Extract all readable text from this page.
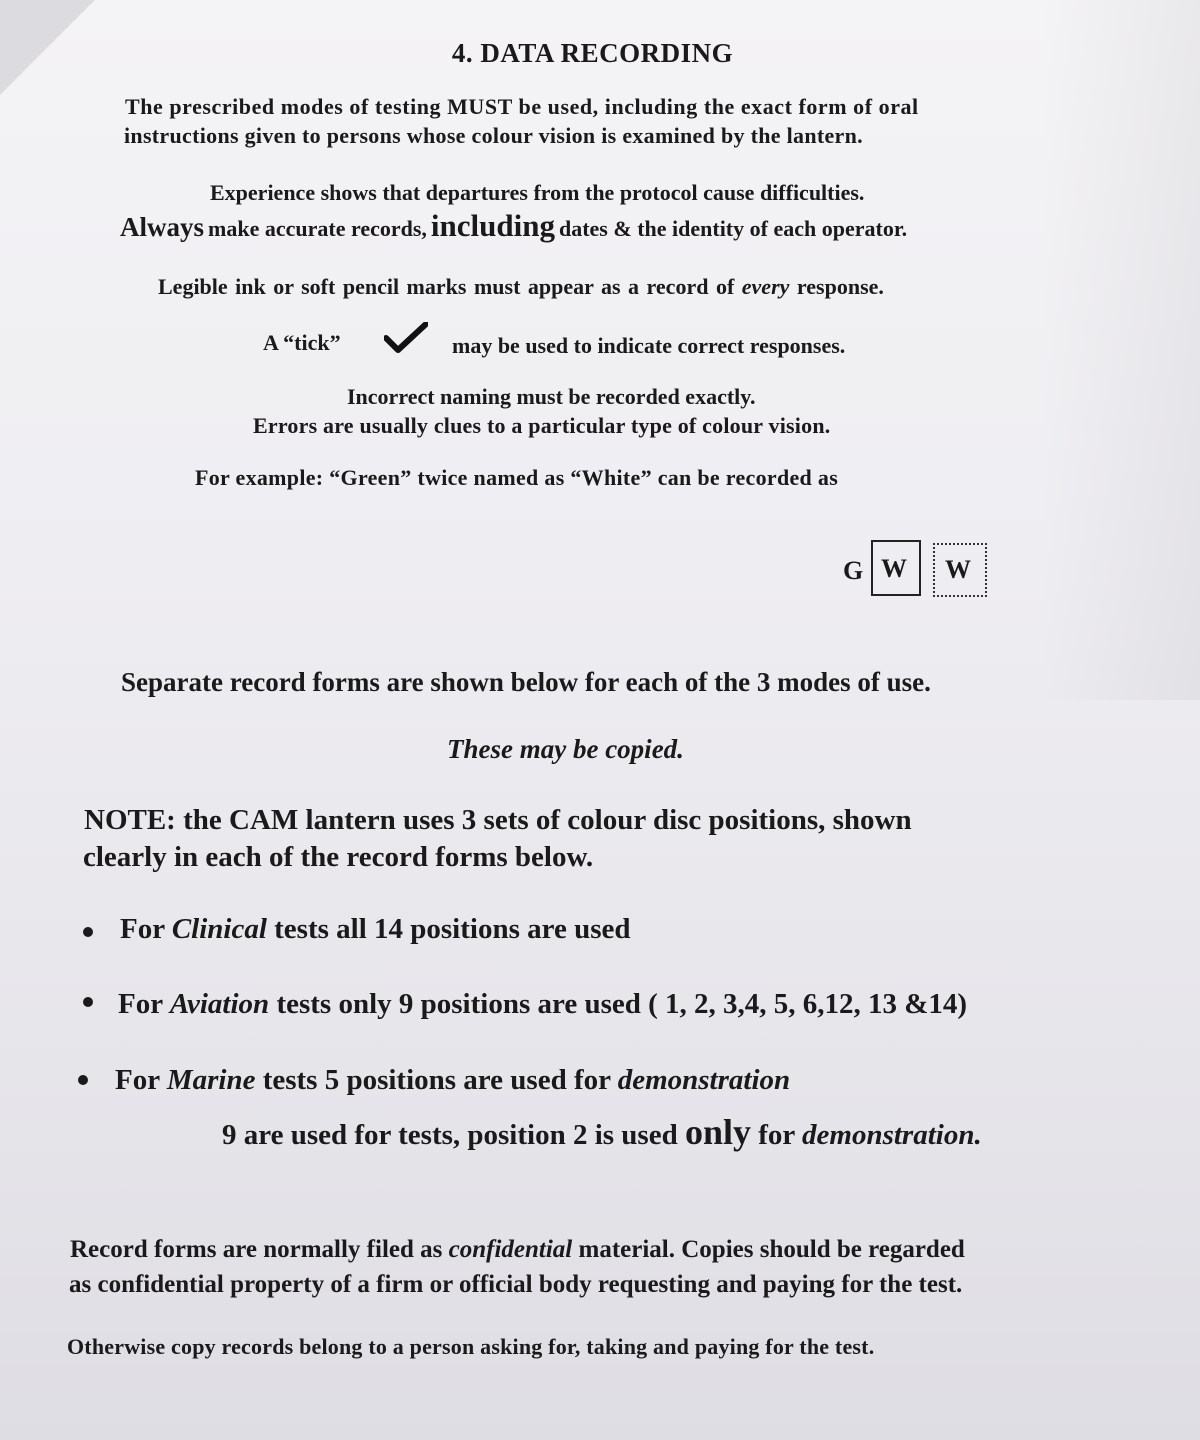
4. DATA RECORDING
The prescribed modes of testing MUST be used, including the exact form of oral
instructions given to persons whose colour vision is examined by the lantern.
Experience shows that departures from the protocol cause difficulties.
Always make accurate records, including dates & the identity of each operator.
Legible ink or soft pencil marks must appear as a record of every response.
A “tick”	may be used to indicate correct responses.
Incorrect naming must be recorded exactly.
Errors are usually clues to a particular type of colour vision.
For example: “Green” twice named as “White” can be recorded as
G W W
Separate record forms are shown below for each of the 3 modes of use.
These may be copied.
NOTE: the CAM lantern uses 3 sets of colour disc positions, shown
clearly in each of the record forms below.
For Clinical tests all 14 positions are used
For Aviation tests only 9 positions are used ( 1, 2, 3,4, 5, 6,12, 13 &14)
For Marine tests 5 positions are used for demonstration
9 are used for tests, position 2 is used only for demonstration.
Record forms are normally filed as confidential material. Copies should be regarded
as confidential property of a firm or official body requesting and paying for the test.
Otherwise copy records belong to a person asking for, taking and paying for the test.
